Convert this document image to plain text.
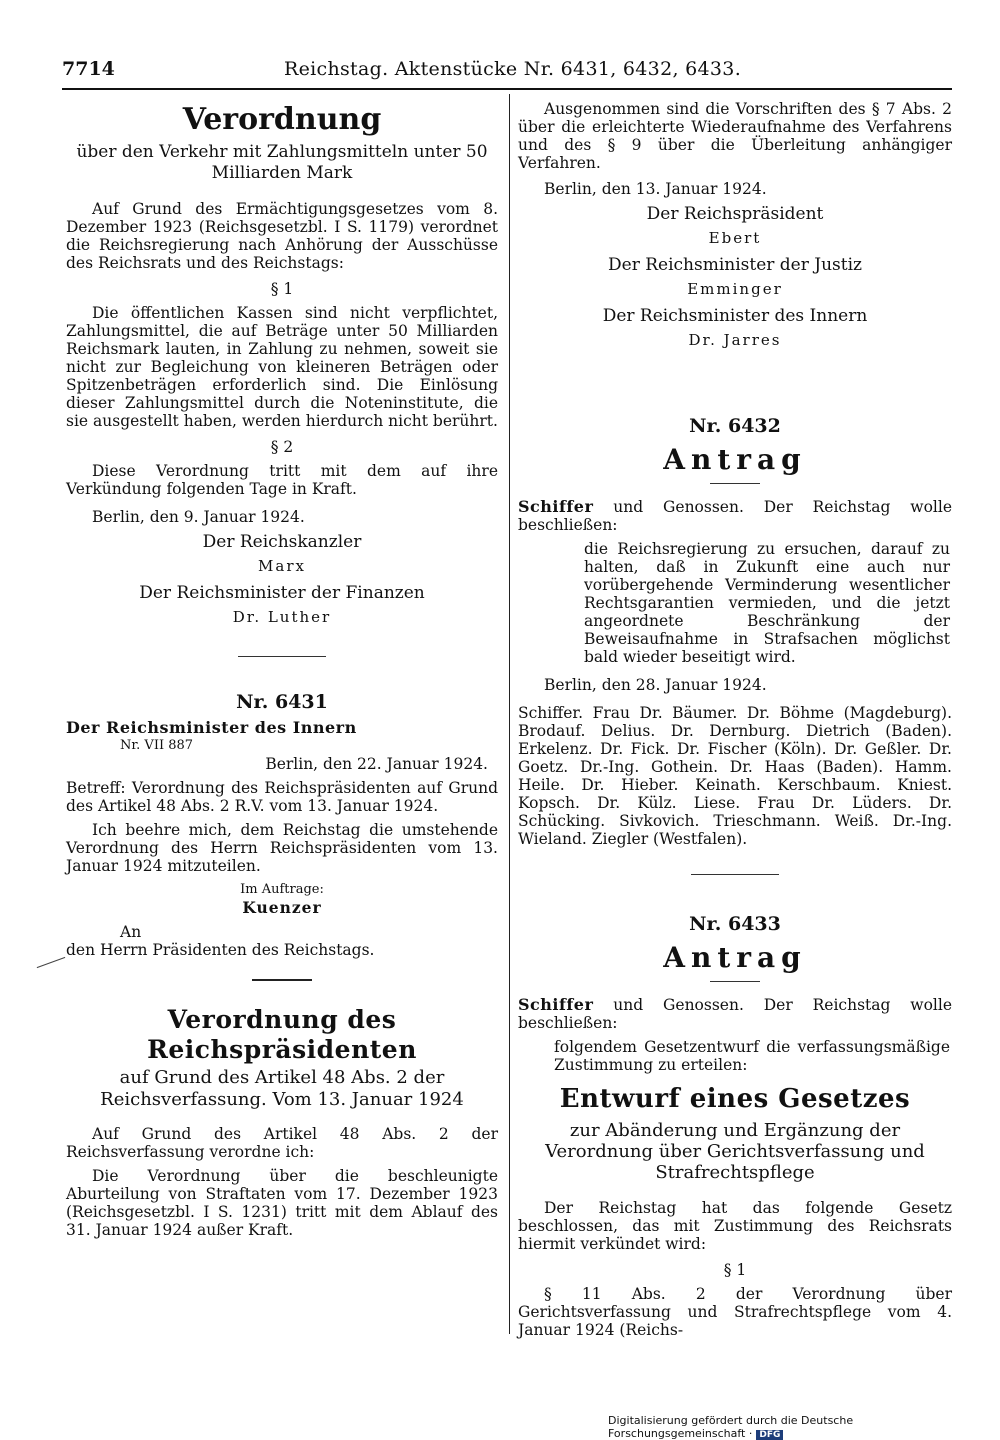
7714	Reichstag. Aktenstücke Nr. 6431, 6432, 6433.
Verordnung
über den Verkehr mit Zahlungsmitteln unter 50 Milliarden Mark

Auf Grund des Ermächtigungsgesetzes vom 8. Dezember 1923 (Reichsgesetzbl. I S. 1179) verordnet die Reichsregierung nach Anhörung der Ausschüsse des Reichsrats und des Reichstags:

§ 1

Die öffentlichen Kassen sind nicht verpflichtet, Zahlungsmittel, die auf Beträge unter 50 Milliarden Reichsmark lauten, in Zahlung zu nehmen, soweit sie nicht zur Begleichung von kleineren Beträgen oder Spitzenbeträgen erforderlich sind. Die Einlösung dieser Zahlungsmittel durch die Noteninstitute, die sie ausgestellt haben, werden hierdurch nicht berührt.

§ 2

Diese Verordnung tritt mit dem auf ihre Verkündung folgenden Tage in Kraft.

Berlin, den 9. Januar 1924.

Der Reichskanzler
Marx
Der Reichsminister der Finanzen
Dr. Luther
Nr. 6431
Der Reichsminister des Innern
Nr. VII 887
Berlin, den 22. Januar 1924.

Betreff: Verordnung des Reichspräsidenten auf Grund des Artikel 48 Abs. 2 R.V. vom 13. Januar 1924.

Ich beehre mich, dem Reichstag die umstehende Verordnung des Herrn Reichspräsidenten vom 13. Januar 1924 mitzuteilen.

Im Auftrage:
Kuenzer

An

den Herrn Präsidenten des Reichstags.

Verordnung des Reichspräsidenten
auf Grund des Artikel 48 Abs. 2 der Reichsverfassung. Vom 13. Januar 1924

Auf Grund des Artikel 48 Abs. 2 der Reichsverfassung verordne ich:

Die Verordnung über die beschleunigte Aburteilung von Straftaten vom 17. Dezember 1923 (Reichsgesetzbl. I S. 1231) tritt mit dem Ablauf des 31. Januar 1924 außer Kraft.

Ausgenommen sind die Vorschriften des § 7 Abs. 2 über die erleichterte Wiederaufnahme des Verfahrens und des § 9 über die Überleitung anhängiger Verfahren.

Berlin, den 13. Januar 1924.

Der Reichspräsident
Ebert
Der Reichsminister der Justiz
Emminger
Der Reichsminister des Innern
Dr. Jarres
Nr. 6432
Antrag

Schiffer und Genossen. Der Reichstag wolle beschließen:

die Reichsregierung zu ersuchen, darauf zu halten, daß in Zukunft eine auch nur vorübergehende Verminderung wesentlicher Rechtsgarantien vermieden, und die jetzt angeordnete Beschränkung der Beweisaufnahme in Strafsachen möglichst bald wieder beseitigt wird.

Berlin, den 28. Januar 1924.

Schiffer. Frau Dr. Bäumer. Dr. Böhme (Magdeburg). Brodauf. Delius. Dr. Dernburg. Dietrich (Baden). Erkelenz. Dr. Fick. Dr. Fischer (Köln). Dr. Geßler. Dr. Goetz. Dr.-Ing. Gothein. Dr. Haas (Baden). Hamm. Heile. Dr. Hieber. Keinath. Kerschbaum. Kniest. Kopsch. Dr. Külz. Liese. Frau Dr. Lüders. Dr. Schücking. Sivkovich. Trieschmann. Weiß. Dr.-Ing. Wieland. Ziegler (Westfalen).

Nr. 6433
Antrag

Schiffer und Genossen. Der Reichstag wolle beschließen:

folgendem Gesetzentwurf die verfassungsmäßige Zustimmung zu erteilen:

Entwurf eines Gesetzes
zur Abänderung und Ergänzung der Verordnung über Gerichtsverfassung und Strafrechtspflege

Der Reichstag hat das folgende Gesetz beschlossen, das mit Zustimmung des Reichsrats hiermit verkündet wird:

§ 1

§ 11 Abs. 2 der Verordnung über Gerichtsverfassung und Strafrechtspflege vom 4. Januar 1924 (Reichs-

Digitalisierung gefördert durch die Deutsche Forschungsgemeinschaft · DFG
